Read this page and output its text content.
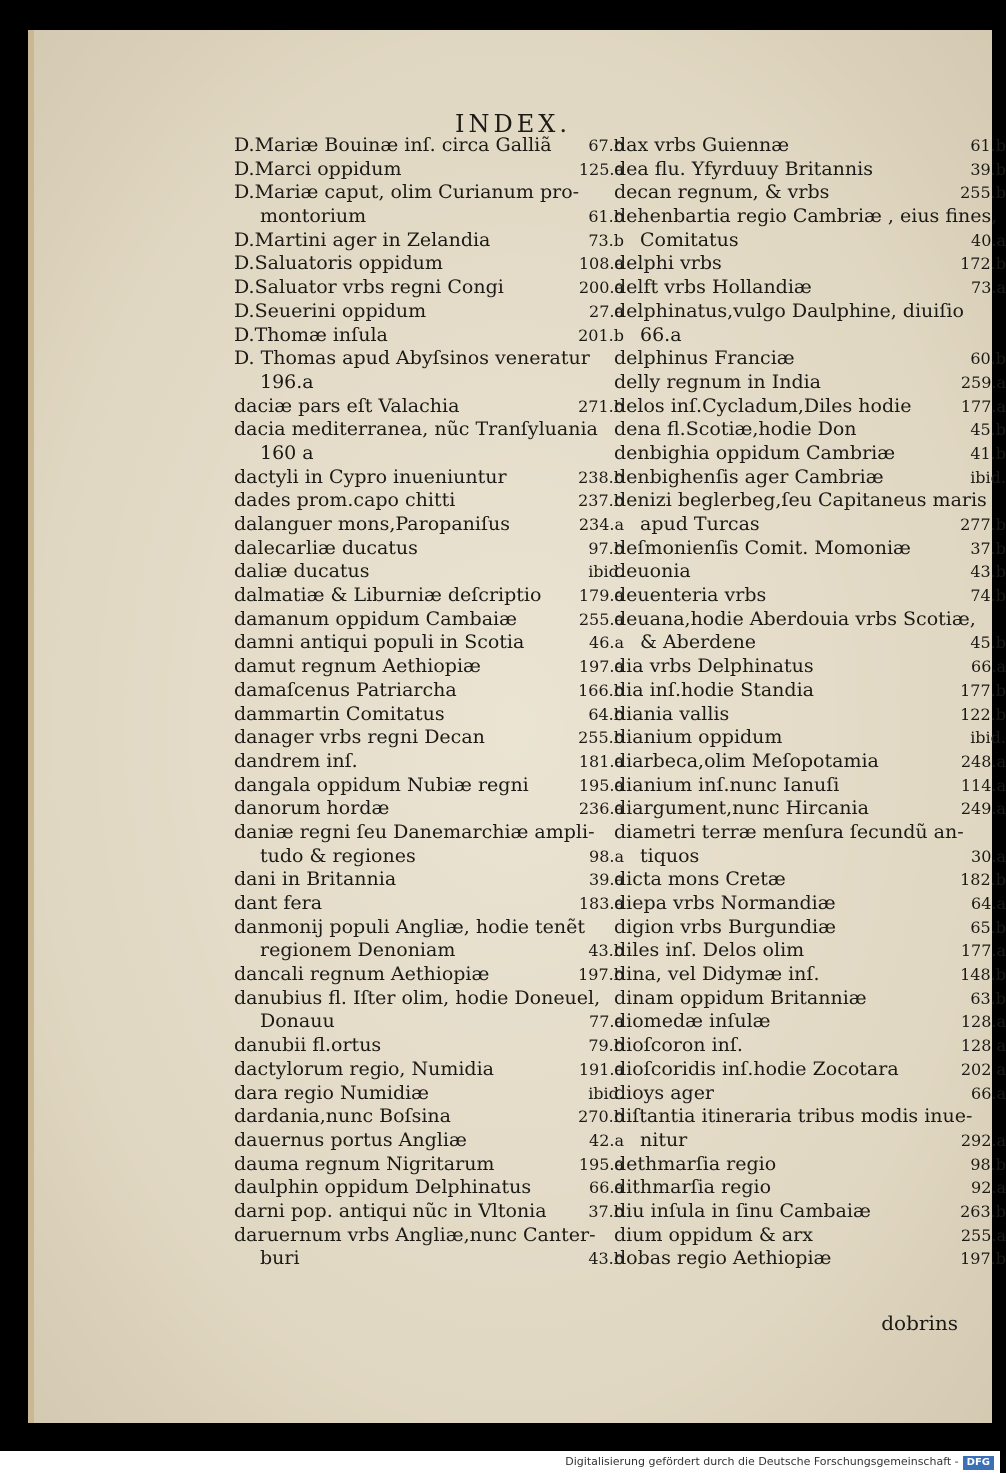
INDEX.
D.Mariæ Bouinæ inſ. circa Galliã 67.b
D.Marci oppidum	125.a
D.Mariæ caput, olim Curianum pro-
montorium	61.b
D.Martini ager in Zelandia	73.b
D.Saluatoris oppidum	108.a
D.Saluator vrbs regni Congi	200.a
D.Seuerini oppidum	27.a
D.Thomæ inſula	201.b
D. Thomas apud Abyſsinos veneratur
196.a
daciæ pars eſt Valachia	271.b
dacia mediterranea, nũc Tranſyluania
160 a
dactyli in Cypro inueniuntur	238.b
dades prom.capo chitti	237.b
dalanguer mons,Paropaniſus	234.a
dalecarliæ ducatus	97.b
daliæ ducatus	ibid.
dalmatiæ & Liburniæ deſcriptio 179.a
damanum oppidum Cambaiæ	255.a
damni antiqui populi in Scotia	46.a
damut regnum Aethiopiæ	197.a
damaſcenus Patriarcha	166.b
dammartin Comitatus	64.b
danager vrbs regni Decan	255.b
dandrem inſ.	181.a
dangala oppidum Nubiæ regni	195.a
danorum hordæ	236.a
daniæ regni ſeu Danemarchiæ ampli-
tudo & regiones	98.a
dani in Britannia	39.a
dant fera	183.a
danmonij populi Angliæ, hodie tenẽt
regionem Denoniam	43.b
dancali regnum Aethiopiæ	197.b
danubius fl. Iſter olim, hodie Doneuel,
Donauu	77.a
danubii fl.ortus	79.b
dactylorum regio, Numidia	191.a
dara regio Numidiæ	ibid.
dardania,nunc Boſsina	270.b
dauernus portus Angliæ	42.a
dauma regnum Nigritarum	195.a
daulphin oppidum Delphinatus	66.a
darni pop. antiqui nũc in Vltonia	37.b
daruernum vrbs Angliæ,nunc Canter-
buri	43.b
dax vrbs Guiennæ	61.b
dea flu. Yfyrduuy Britannis	39.b
decan regnum, & vrbs	255.b
dehenbartia regio Cambriæ , eius fines,
Comitatus	40.a
delphi vrbs	172.b
delft vrbs Hollandiæ	73.a
delphinatus,vulgo Daulphine, diuiſio
66.a
delphinus Franciæ	60.b
delly regnum in India	259.a
delos inſ.Cycladum,Diles hodie	177.a
dena fl.Scotiæ,hodie Don	45.b
denbighia oppidum Cambriæ	41.b
denbighenſis ager Cambriæ	ibid.
denizi beglerbeg,ſeu Capitaneus maris
apud Turcas	277.b
deſmonienſis Comit. Momoniæ	37.b
deuonia	43.b
deuenteria vrbs	74.b
deuana,hodie Aberdouia vrbs Scotiæ,
& Aberdene	45.b
dia vrbs Delphinatus	66.a
dia inſ.hodie Standia	177.b
diania vallis	122.b
dianium oppidum	ibid.
diarbeca,olim Meſopotamia	248.a
dianium inſ.nunc Ianuſi	114.a
diargument,nunc Hircania	249.a
diametri terræ menſura ſecundũ an-
tiquos	30.a
dicta mons Cretæ	182.b
diepa vrbs Normandiæ	64.a
digion vrbs Burgundiæ	65.b
diles inſ. Delos olim	177.a
dina, vel Didymæ inſ.	148.b
dinam oppidum Britanniæ	63.b
diomedæ inſulæ	128.a
dioſcoron inſ.	128 a
dioſcoridis inſ.hodie Zocotara	202 a
dioys ager	66.a
diſtantia itineraria tribus modis inue-
nitur	292.a
dethmarſia regio	98.b
dithmarſia regio	92.a
diu inſula in ſinu Cambaiæ	263.b
dium oppidum & arx	255.a
dobas regio Aethiopiæ	197.b
dobrins
Digitalisierung gefördert durch die Deutsche Forschungsgemeinschaft - DFG
